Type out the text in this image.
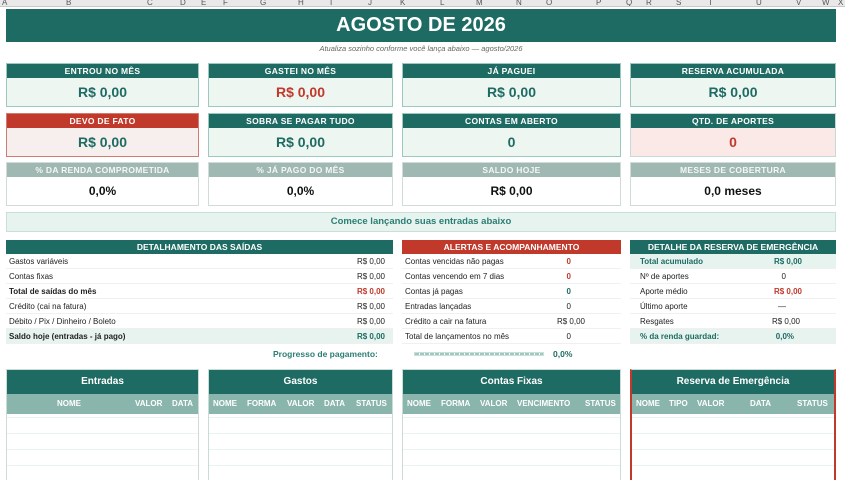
A	B	C	D E F	G	H	I	J	K	L	M	N	O	P	Q R	S	T	U	V	W X
AGOSTO DE 2026
Atualiza sozinho conforme você lança abaixo — agosto/2026
ENTROU NO MÊS
R$ 0,00
GASTEI NO MÊS
R$ 0,00
JÁ PAGUEI
R$ 0,00
RESERVA ACUMULADA
R$ 0,00
DEVO DE FATO
R$ 0,00
SOBRA SE PAGAR TUDO
R$ 0,00
CONTAS EM ABERTO
0
QTD. DE APORTES
0
% DA RENDA COMPROMETIDA
0,0%
% JÁ PAGO DO MÊS
0,0%
SALDO HOJE
R$ 0,00
MESES DE COBERTURA
0,0 meses
Comece lançando suas entradas abaixo
DETALHAMENTO DAS SAÍDAS
Gastos variáveis	R$ 0,00
Contas fixas	R$ 0,00
Total de saídas do mês	R$ 0,00
Crédito (cai na fatura)	R$ 0,00
Débito / Pix / Dinheiro / Boleto	R$ 0,00
Saldo hoje (entradas - já pago)	R$ 0,00
ALERTAS E ACOMPANHAMENTO
Contas vencidas não pagas	0
Contas vencendo em 7 dias	0
Contas já pagas	0
Entradas lançadas	0
Crédito a cair na fatura	R$ 0,00
Total de lançamentos no mês	0
DETALHE DA RESERVA DE EMERGÊNCIA
Total acumulado	R$ 0,00
Nº de aportes	0
Aporte médio	R$ 0,00
Último aporte	—
Resgates	R$ 0,00
% da renda guardad:	0,0%
Progresso de pagamento:	0,0%
Entradas
NOME	VALOR DATA
Gastos
NOME FORMA VALOR DATA STATUS
Contas Fixas
NOME FORMA VALOR VENCIMENTO STATUS
Reserva de Emergência
NOME TIPO VALOR	DATA	STATUS
